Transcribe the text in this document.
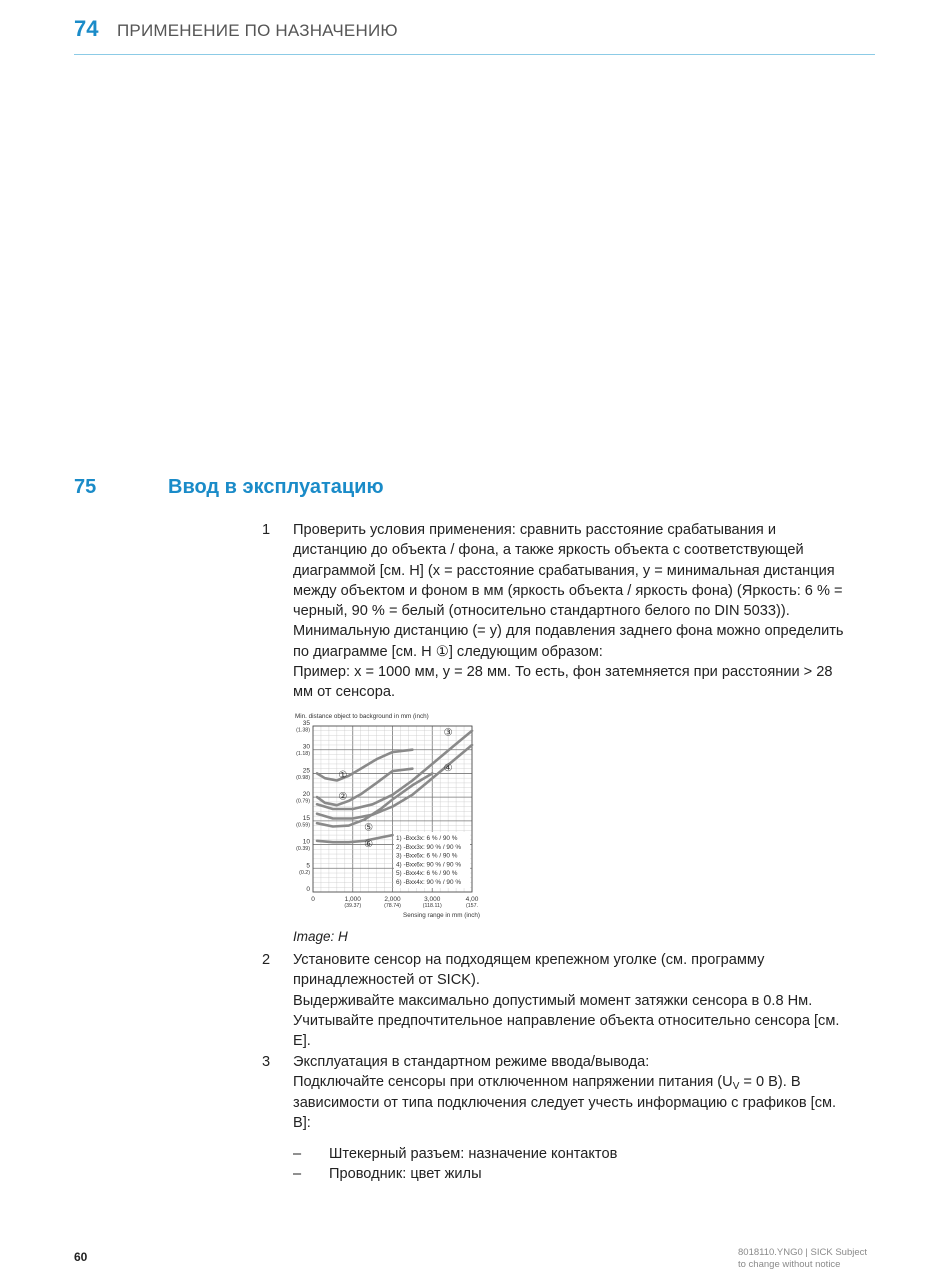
74 ПРИМЕНЕНИЕ ПО НАЗНАЧЕНИЮ
75	Ввод в эксплуатацию
1 Проверить условия применения: сравнить расстояние срабатывания и

дистанцию до объекта / фона, а также яркость объекта с соответствующей

диаграммой [см. H] (x = расстояние срабатывания, y = минимальная дистанция

между объектом и фоном в мм (яркость объекта / яркость фона) (Яркость: 6 % =

черный, 90 % = белый (относительно стандартного белого по DIN 5033)).

Минимальную дистанцию (= y) для подавления заднего фона можно определить

по диаграмме [см. H ①] следующим образом:

Пример: x = 1000 мм, y = 28 мм. То есть, фон затемняется при расстоянии > 28

мм от сенсора.

Min. distance object to background in mm (inch)
①
②
③
④
⑤
⑥
0
5
(0.2)
10
(0.39)
15
(0.59)
20
(0.79)
25
(0.98)
30
(1.18)
35
(1.38)
0	1,000
(39.37)
2,000
(78.74)
3,000
(118.11)
4,00
(157.
1) -Bxx3x: 6 % / 90 %
2) -Bxx3x: 90 % / 90 %
3) -Bxx6x: 6 % / 90 %
4) -Bxx6x: 90 % / 90 %
5) -Bxx4x: 6 % / 90 %
6) -Bxx4x: 90 % / 90 %
Sensing range in mm (inch)
Image: H
2 Установите сенсор на подходящем крепежном уголке (см. программу

принадлежностей от SICK).

Выдерживайте максимально допустимый момент затяжки сенсора в 0.8 Нм.

Учитывайте предпочтительное направление объекта относительно сенсора [см.

E].

3 Эксплуатация в стандартном режиме ввода/вывода:

Подключайте сенсоры при отключенном напряжении питания ($U_V = 0$ В). В

зависимости от типа подключения следует учесть информацию с графиков [см.

B]:

– Штекерный разъем: назначение контактов
– Проводник: цвет жилы
60	8018110.YNG0 | SICK Subject
to change without notice
